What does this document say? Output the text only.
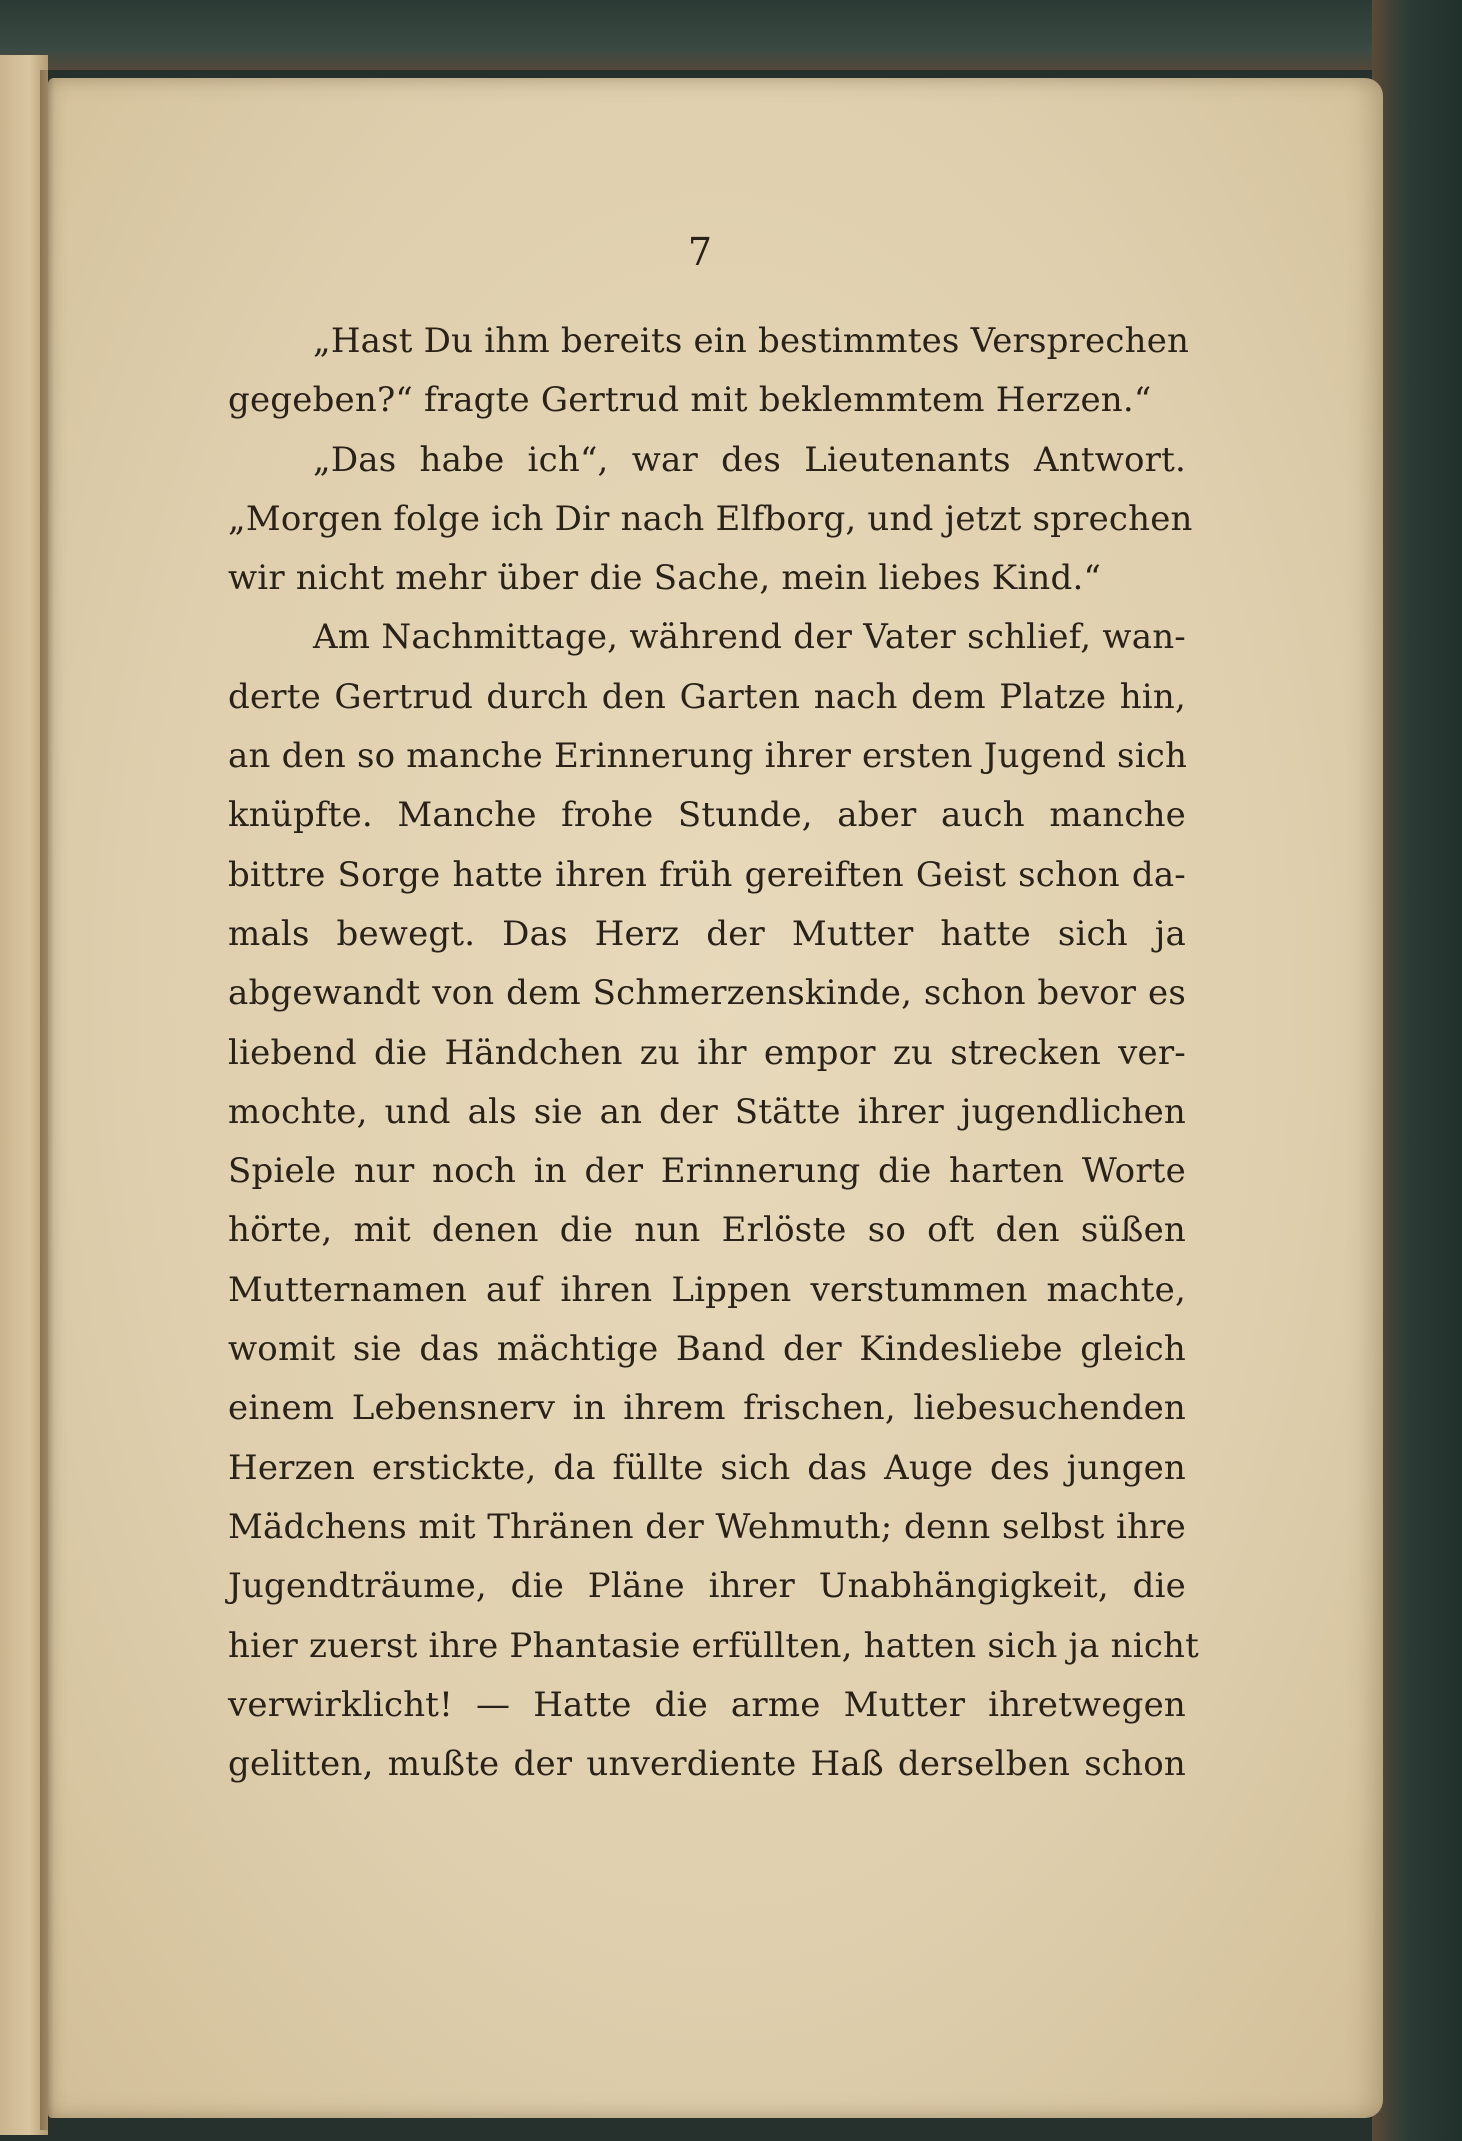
7
„Hast Du ihm bereits ein bestimmtes Versprechen
gegeben?“ fragte Gertrud mit beklemmtem Herzen.“
„Das habe ich“, war des Lieutenants Antwort.
„Morgen folge ich Dir nach Elfborg, und jetzt sprechen
wir nicht mehr über die Sache, mein liebes Kind.“
Am Nachmittage, während der Vater schlief, wan-
derte Gertrud durch den Garten nach dem Platze hin,
an den so manche Erinnerung ihrer ersten Jugend sich
knüpfte. Manche frohe Stunde, aber auch manche
bittre Sorge hatte ihren früh gereiften Geist schon da-
mals bewegt. Das Herz der Mutter hatte sich ja
abgewandt von dem Schmerzenskinde, schon bevor es
liebend die Händchen zu ihr empor zu strecken ver-
mochte, und als sie an der Stätte ihrer jugendlichen
Spiele nur noch in der Erinnerung die harten Worte
hörte, mit denen die nun Erlöste so oft den süßen
Mutternamen auf ihren Lippen verstummen machte,
womit sie das mächtige Band der Kindesliebe gleich
einem Lebensnerv in ihrem frischen, liebesuchenden
Herzen erstickte, da füllte sich das Auge des jungen
Mädchens mit Thränen der Wehmuth; denn selbst ihre
Jugendträume, die Pläne ihrer Unabhängigkeit, die
hier zuerst ihre Phantasie erfüllten, hatten sich ja nicht
verwirklicht! — Hatte die arme Mutter ihretwegen
gelitten, mußte der unverdiente Haß derselben schon
